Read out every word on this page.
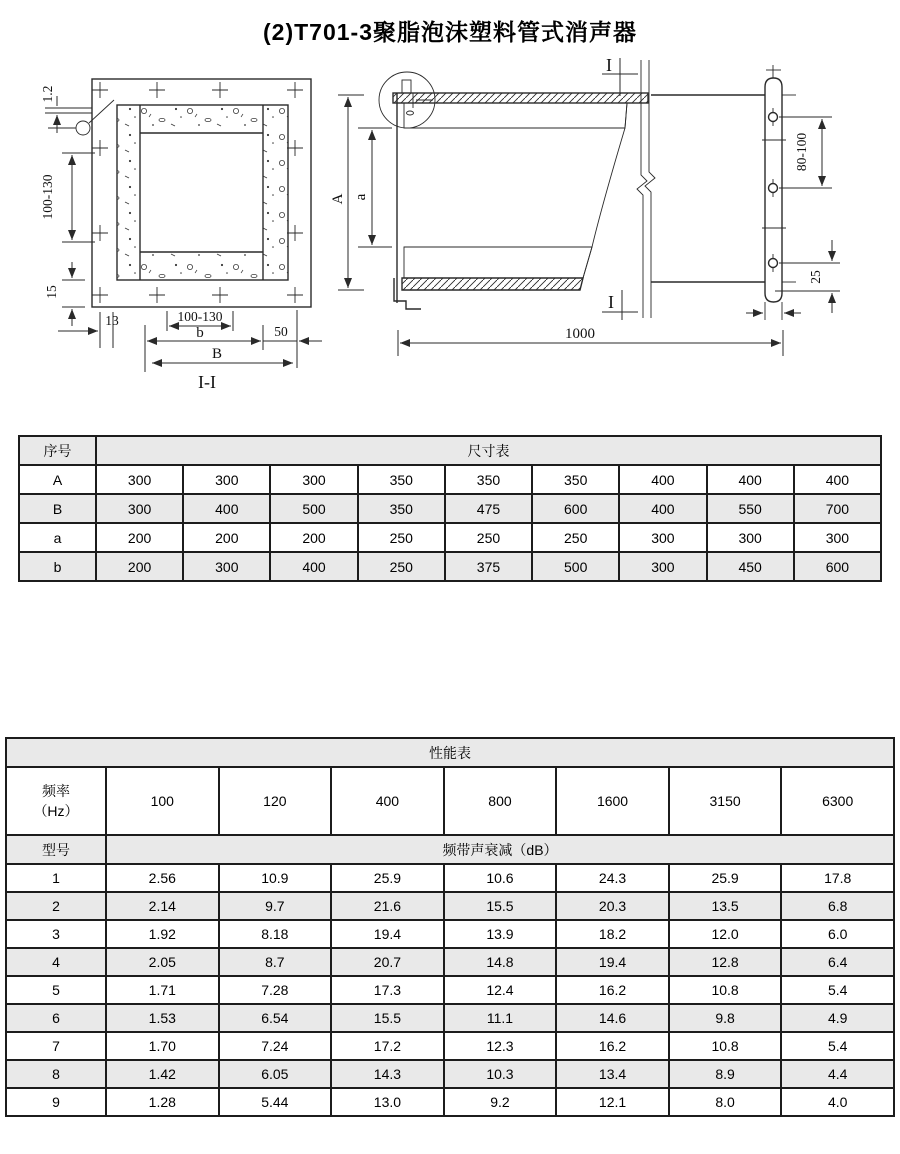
(2)T701-3聚脂泡沫塑料管式消声器
1.2
100-130
15
13	100-130
b	50
B
I-I
A a
1000
I
I
80-100
25
序号	尺寸表								
A	300	300	300	350	350	350	400	400	400
B	300	400	500	350	475	600	400	550	700
a	200	200	200	250	250	250	300	300	300
b	200	300	400	250	375	500	300	450	600
性能表							

频率
（Hz）	100	120	400	800	1600	3150	6300
型号	频带声衰减（dB）						
1	2.56	10.9	25.9	10.6	24.3	25.9	17.8
2	2.14	9.7	21.6	15.5	20.3	13.5	6.8
3	1.92	8.18	19.4	13.9	18.2	12.0	6.0
4	2.05	8.7	20.7	14.8	19.4	12.8	6.4
5	1.71	7.28	17.3	12.4	16.2	10.8	5.4
6	1.53	6.54	15.5	11.1	14.6	9.8	4.9
7	1.70	7.24	17.2	12.3	16.2	10.8	5.4
8	1.42	6.05	14.3	10.3	13.4	8.9	4.4
9	1.28	5.44	13.0	9.2	12.1	8.0	4.0
